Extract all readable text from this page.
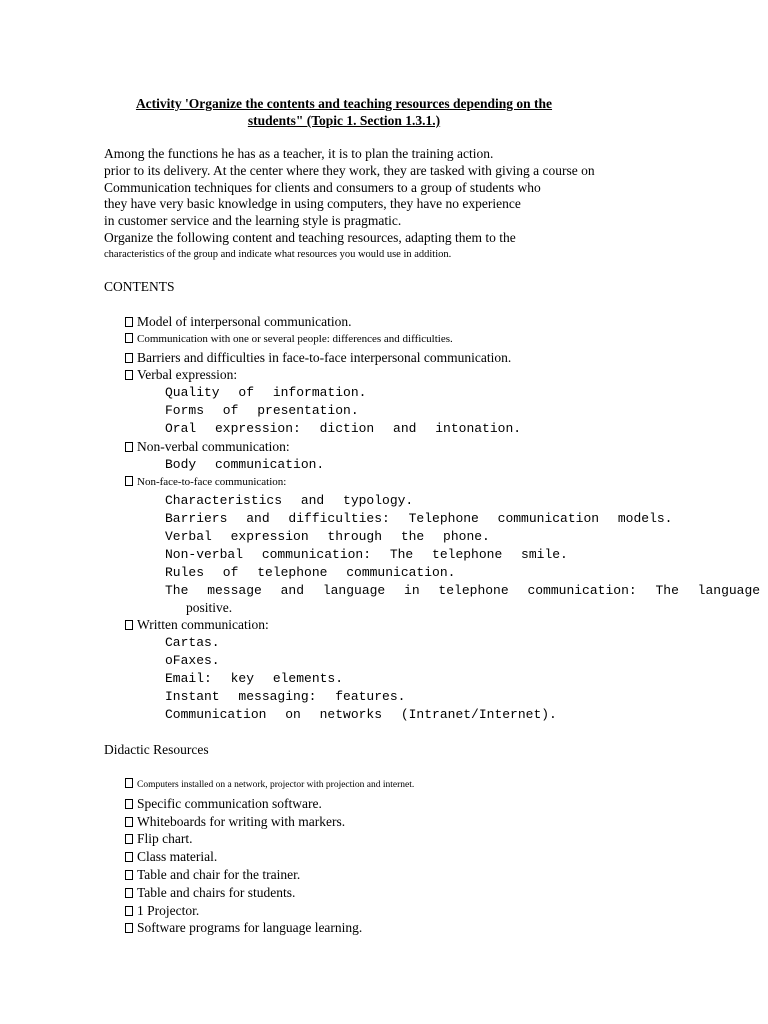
Activity 'Organize the contents and teaching resources depending on the
students" (Topic 1. Section 1.3.1.)
Among the functions he has as a teacher, it is to plan the training action.
prior to its delivery. At the center where they work, they are tasked with giving a course on
Communication techniques for clients and consumers to a group of students who
they have very basic knowledge in using computers, they have no experience
in customer service and the learning style is pragmatic.
Organize the following content and teaching resources, adapting them to the
characteristics of the group and indicate what resources you would use in addition.
CONTENTS
Model of interpersonal communication.
Communication with one or several people: differences and difficulties.
Barriers and difficulties in face-to-face interpersonal communication.
Verbal expression:
Quality of information.
Forms of presentation.
Oral expression: diction and intonation.
Non-verbal communication:
Body communication.
Non-face-to-face communication:
Characteristics and typology.
Barriers and difficulties: Telephone communication models.
Verbal expression through the phone.
Non-verbal communication: The telephone smile.
Rules of telephone communication.
The message and language in telephone communication: The language
positive.
Written communication:
Cartas.
oFaxes.
Email: key elements.
Instant messaging: features.
Communication on networks (Intranet/Internet).
Didactic Resources
Computers installed on a network, projector with projection and internet.
Specific communication software.
Whiteboards for writing with markers.
Flip chart.
Class material.
Table and chair for the trainer.
Table and chairs for students.
1 Projector.
Software programs for language learning.
